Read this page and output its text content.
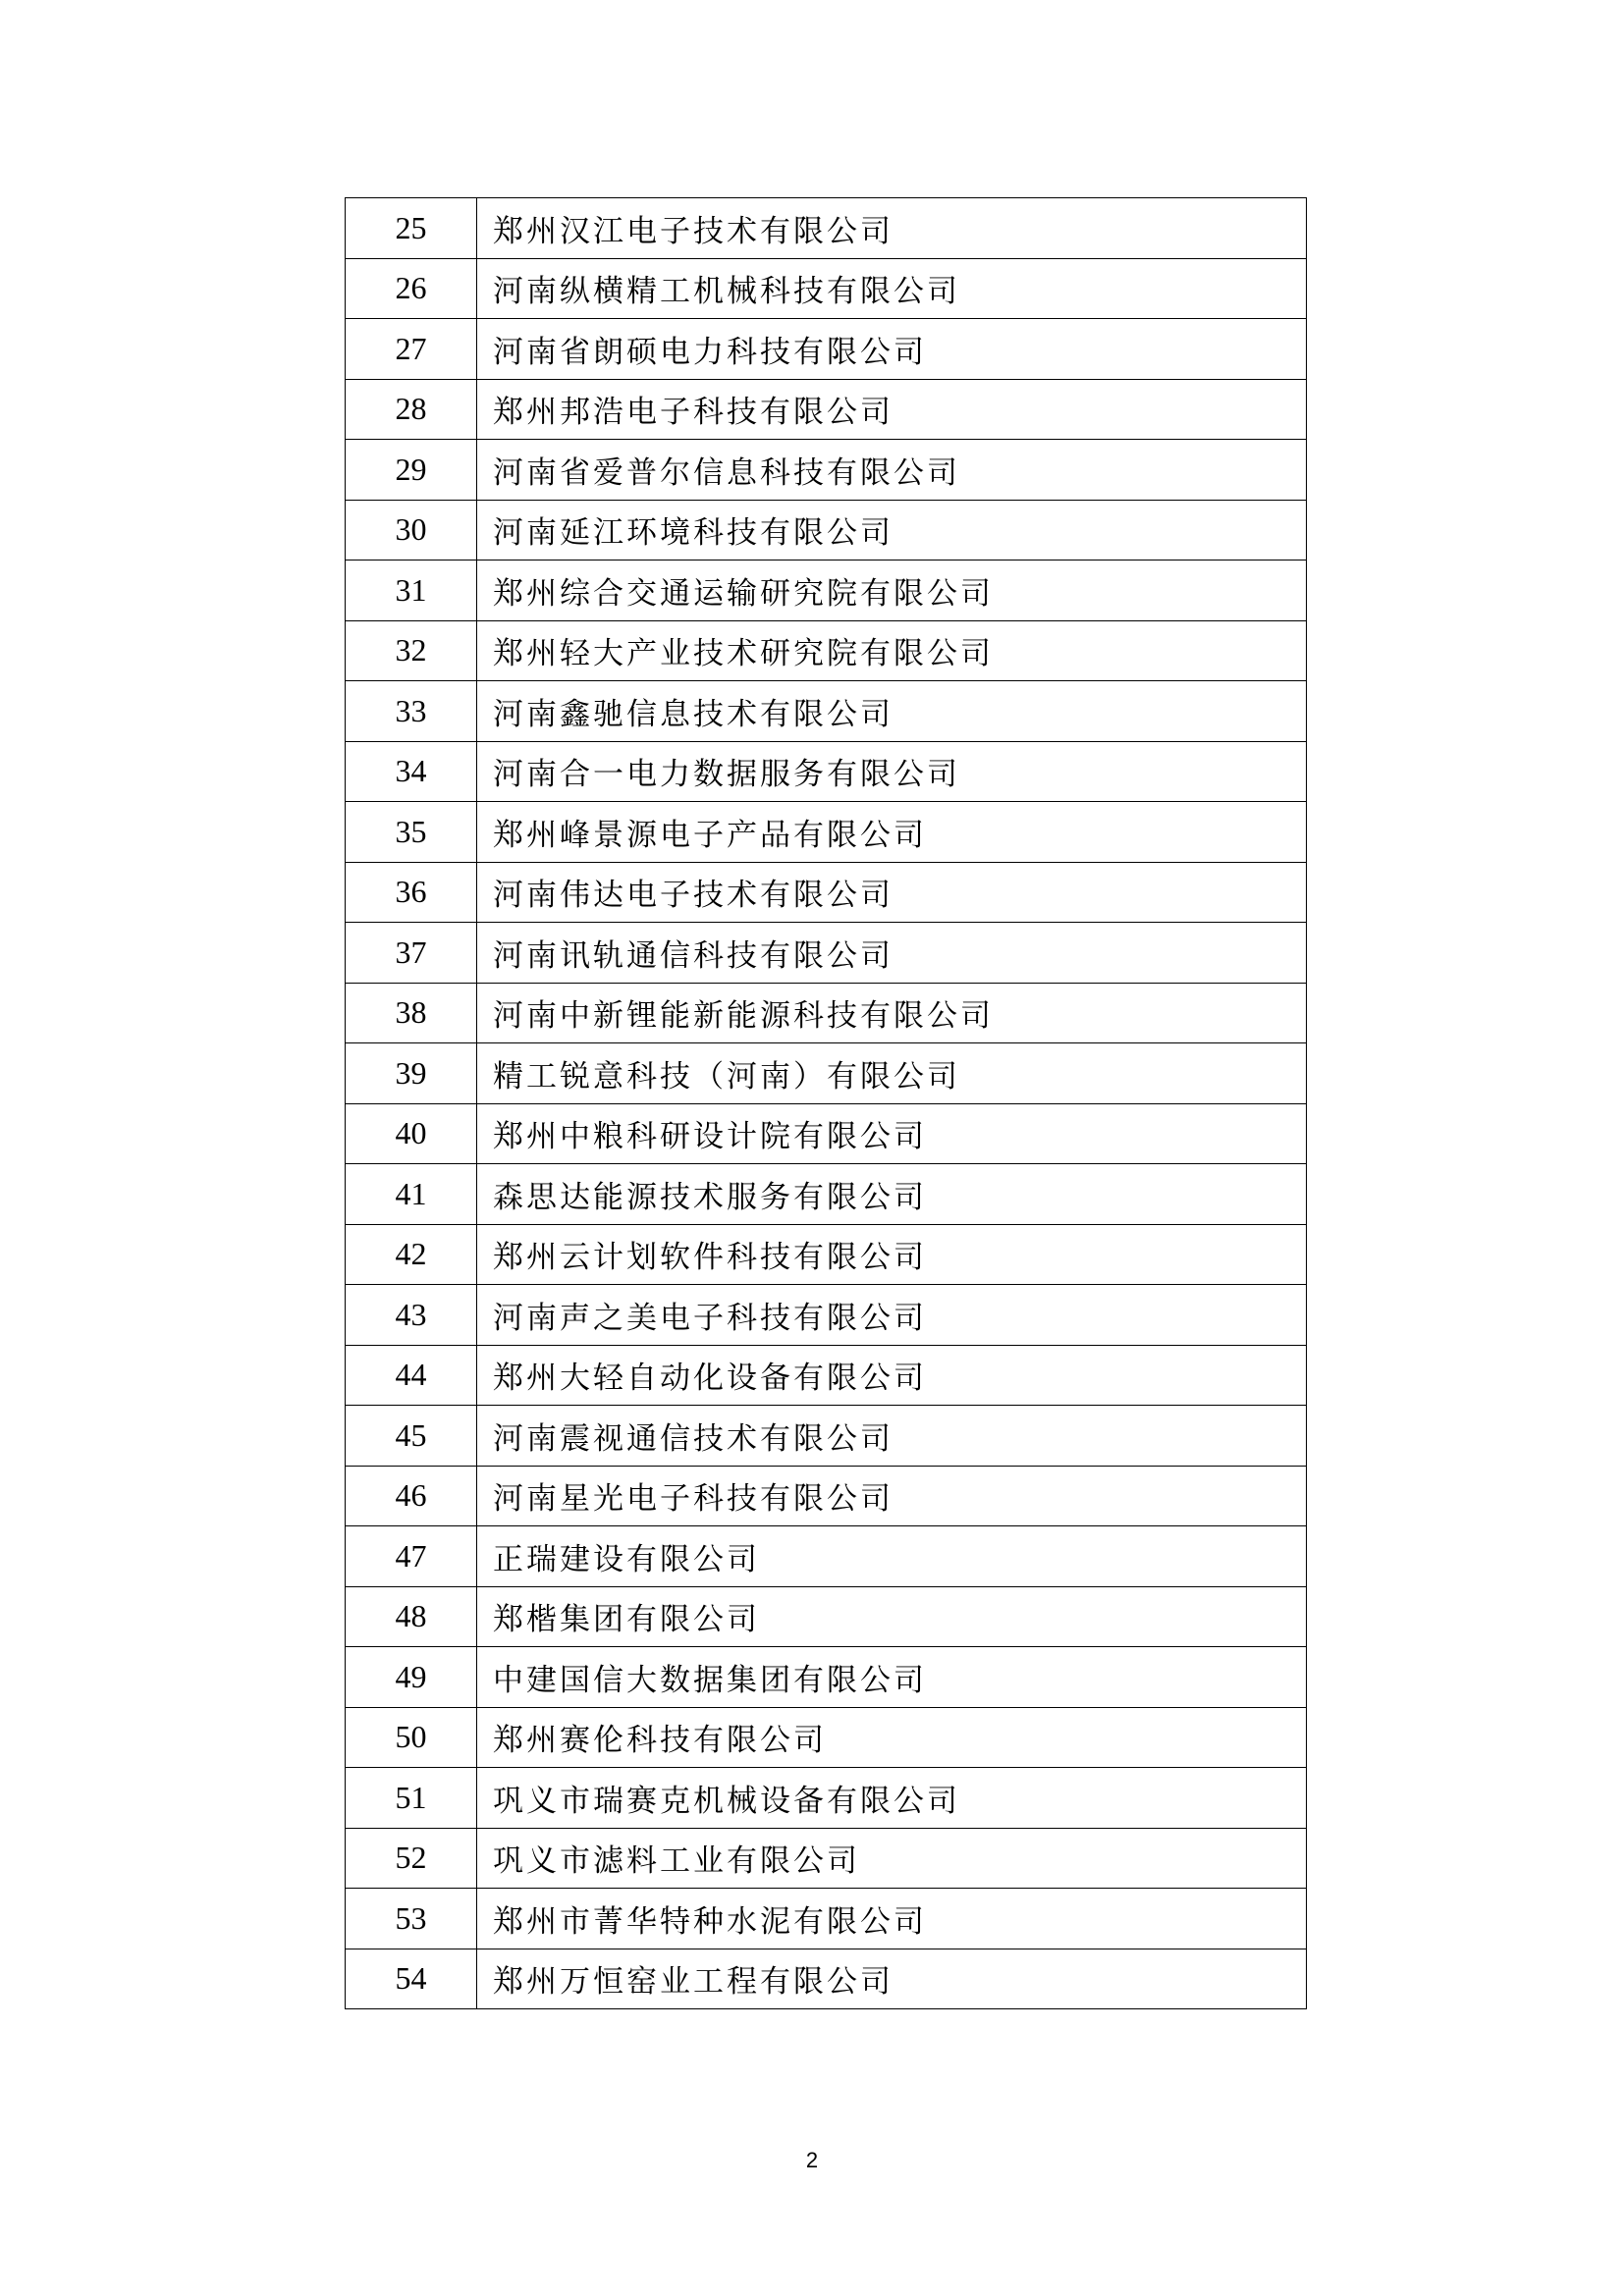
25	郑州汉江电子技术有限公司
26	河南纵横精工机械科技有限公司
27	河南省朗硕电力科技有限公司
28	郑州邦浩电子科技有限公司
29	河南省爱普尔信息科技有限公司
30	河南延江环境科技有限公司
31	郑州综合交通运输研究院有限公司
32	郑州轻大产业技术研究院有限公司
33	河南鑫驰信息技术有限公司
34	河南合一电力数据服务有限公司
35	郑州峰景源电子产品有限公司
36	河南伟达电子技术有限公司
37	河南讯轨通信科技有限公司
38	河南中新锂能新能源科技有限公司
39	精工锐意科技（河南）有限公司
40	郑州中粮科研设计院有限公司
41	森思达能源技术服务有限公司
42	郑州云计划软件科技有限公司
43	河南声之美电子科技有限公司
44	郑州大轻自动化设备有限公司
45	河南震视通信技术有限公司
46	河南星光电子科技有限公司
47	正瑞建设有限公司
48	郑楷集团有限公司
49	中建国信大数据集团有限公司
50	郑州赛伦科技有限公司
51	巩义市瑞赛克机械设备有限公司
52	巩义市滤料工业有限公司
53	郑州市菁华特种水泥有限公司
54	郑州万恒窑业工程有限公司
2
